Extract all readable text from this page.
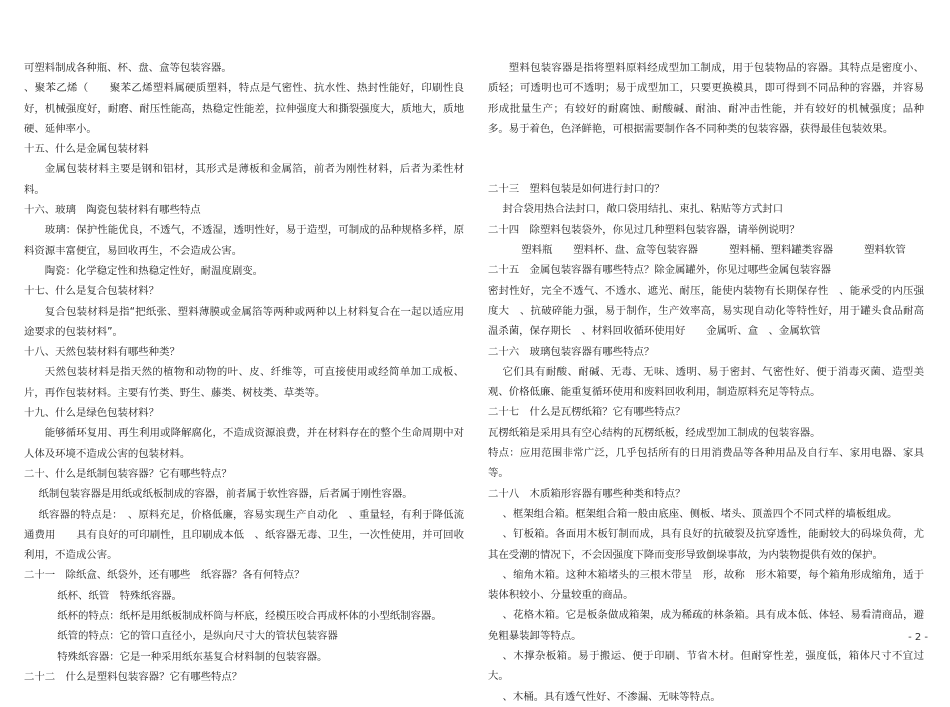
可塑料制成各种瓶、杯、盘、盒等包装容器。

、聚苯乙烯（　　聚苯乙烯塑料属硬质塑料，特点是气密性、抗水性、热封性能好，印刷性良好，机械强度好，耐磨、耐压性能高，热稳定性能差，拉伸强度大和撕裂强度大，质地大，质地硬、延伸率小。

十五、什么是金属包装材料

金属包装材料主要是钢和铝材，其形式是薄板和金属箔，前者为刚性材料，后者为柔性材料。

十六、玻璃　陶瓷包装材料有哪些特点

玻璃：保护性能优良，不透气，不透湿，透明性好，易于造型，可制成的品种规格多样，原料资源丰富便宜，易回收再生，不会造成公害。

陶瓷：化学稳定性和热稳定性好，耐温度剧变。

十七、什么是复合包装材料？

复合包装材料是指“把纸张、塑料薄膜或金属箔等两种或两种以上材料复合在一起以适应用途要求的包装材料”。

十八、天然包装材料有哪些种类？

天然包装材料是指天然的植物和动物的叶、皮、纤维等，可直接使用或经简单加工成板、片，再作包装材料。主要有竹类、野生、藤类、树枝类、草类等。

十九、什么是绿色包装材料？

能够循环复用、再生利用或降解腐化，不造成资源浪费，并在材料存在的整个生命周期中对人体及环境不造成公害的包装材料。

二十、什么是纸制包装容器？它有哪些特点？

纸制包装容器是用纸或纸板制成的容器，前者属于软性容器，后者属于刚性容器。

纸容器的特点是：　、原料充足，价格低廉，容易实现生产自动化　、重量轻，有利于降低流通费用　　具有良好的可印刷性，且印刷成本低　、纸容器无毒、卫生，一次性使用，并可回收利用，不造成公害。

二十一　除纸盒、纸袋外，还有哪些　纸容器？各有何特点？

纸杯、纸管　特殊纸容器。

纸杯的特点：纸杯是用纸板制成杯筒与杯底，经模压咬合再成杯体的小型纸制容器。

纸管的特点：它的管口直径小，是纵向尺寸大的管状包装容器

特殊纸容器：它是一种采用纸东基复合材料制的包装容器。

二十二　什么是塑料包装容器？它有哪些特点？

塑料包装容器是指将塑料原料经成型加工制成，用于包装物品的容器。其特点是密度小、质轻；可透明也可不透明；易于成型加工，只要更换模具，即可得到不同品种的容器，并容易形成批量生产；有较好的耐腐蚀、耐酸碱、耐油、耐冲击性能，并有较好的机械强度；品种多。易于着色，色泽鲜艳，可根据需要制作各不同种类的包装容器，获得最佳包装效果。

二十三　塑料包装是如何进行封口的？

封合袋用热合法封口，敞口袋用结扎、束扎、粘贴等方式封口

二十四　除塑料包装袋外，你见过几种塑料包装容器，请举例说明？

塑料瓶　　塑料杯、盘、盒等包装容器　　　塑料桶、塑料罐类容器　　　塑料软管

二十五　金属包装容器有哪些特点？除金属罐外，你见过哪些金属包装容器

密封性好，完全不透气、不透水、遮光、耐压，能使内装物有长期保存性　、能承受的内压强度大　、抗破碎能力强，易于制作，生产效率高，易实现自动化等特性好，用于罐头食品耐高温杀菌，保存期长　、材料回收循环使用好　　金属听、盒　、金属软管

二十六　玻璃包装容器有哪些特点？

它们具有耐酸、耐碱、无毒、无味、透明、易于密封、气密性好、便于消毒灭菌、造型美观、价格低廉、能重复循环使用和废料回收利用，制造原料充足等特点。

二十七　什么是瓦楞纸箱？它有哪些特点？

瓦楞纸箱是采用具有空心结构的瓦楞纸板，经成型加工制成的包装容器。

特点：应用范围非常广泛，几乎包括所有的日用消费品等各种用品及自行车、家用电器、家具等。

二十八　木质箱形容器有哪些种类和特点？

、框架组合箱。框架组合箱一般由底座、侧板、堵头、顶盖四个不同式样的墙板组成。

、钉板箱。各面用木板钉制而成，具有良好的抗破裂及抗穿透性，能耐较大的码垛负荷，尤其在受潮的情况下，不会因强度下降而变形导致倒垛事故，为内装物提供有效的保护。

、缩角木箱。这种木箱堵头的三根木带呈　形，故称　形木箱要，每个箱角形成缩角，适于装体积较小、分量较重的商品。

、花格木箱。它是板条做成箱架，成为稀疏的林条箱。具有成本低、体轻、易看清商品，避免粗暴装卸等特点。

、木撑杂板箱。易于搬运、便于印刷、节省木材。但耐穿性差，强度低，箱体尺寸不宜过大。

、木桶。具有透气性好、不渗漏、无味等特点。

- 2 -
